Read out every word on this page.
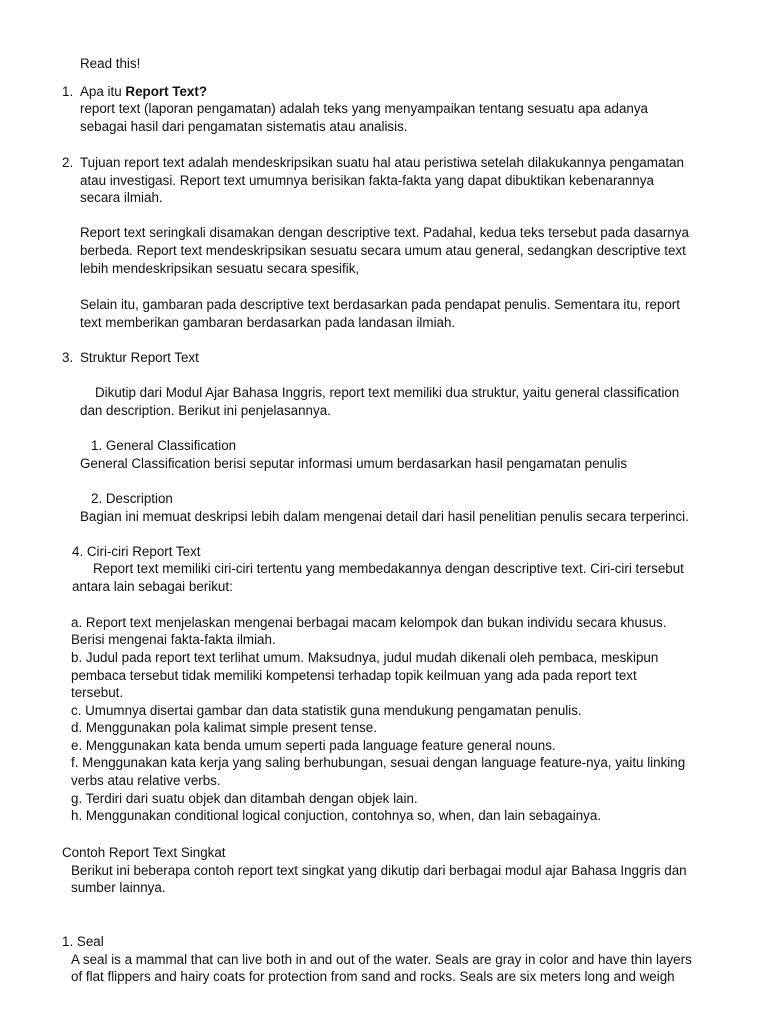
Read this!
1. Apa itu Report Text?
report text (laporan pengamatan) adalah teks yang menyampaikan tentang sesuatu apa adanya
sebagai hasil dari pengamatan sistematis atau analisis.
2. Tujuan report text adalah mendeskripsikan suatu hal atau peristiwa setelah dilakukannya pengamatan
atau investigasi. Report text umumnya berisikan fakta-fakta yang dapat dibuktikan kebenarannya
secara ilmiah.
Report text seringkali disamakan dengan descriptive text. Padahal, kedua teks tersebut pada dasarnya
berbeda. Report text mendeskripsikan sesuatu secara umum atau general, sedangkan descriptive text
lebih mendeskripsikan sesuatu secara spesifik,
Selain itu, gambaran pada descriptive text berdasarkan pada pendapat penulis. Sementara itu, report
text memberikan gambaran berdasarkan pada landasan ilmiah.
3. Struktur Report Text
Dikutip dari Modul Ajar Bahasa Inggris, report text memiliki dua struktur, yaitu general classification
dan description. Berikut ini penjelasannya.
1. General Classification
General Classification berisi seputar informasi umum berdasarkan hasil pengamatan penulis
2. Description
Bagian ini memuat deskripsi lebih dalam mengenai detail dari hasil penelitian penulis secara terperinci.
4. Ciri-ciri Report Text
Report text memiliki ciri-ciri tertentu yang membedakannya dengan descriptive text. Ciri-ciri tersebut
antara lain sebagai berikut:
a. Report text menjelaskan mengenai berbagai macam kelompok dan bukan individu secara khusus.
Berisi mengenai fakta-fakta ilmiah.
b. Judul pada report text terlihat umum. Maksudnya, judul mudah dikenali oleh pembaca, meskipun
pembaca tersebut tidak memiliki kompetensi terhadap topik keilmuan yang ada pada report text
tersebut.
c. Umumnya disertai gambar dan data statistik guna mendukung pengamatan penulis.
d. Menggunakan pola kalimat simple present tense.
e. Menggunakan kata benda umum seperti pada language feature general nouns.
f. Menggunakan kata kerja yang saling berhubungan, sesuai dengan language feature-nya, yaitu linking
verbs atau relative verbs.
g. Terdiri dari suatu objek dan ditambah dengan objek lain.
h. Menggunakan conditional logical conjuction, contohnya so, when, dan lain sebagainya.
Contoh Report Text Singkat
Berikut ini beberapa contoh report text singkat yang dikutip dari berbagai modul ajar Bahasa Inggris dan
sumber lainnya.
1. Seal
A seal is a mammal that can live both in and out of the water. Seals are gray in color and have thin layers
of flat flippers and hairy coats for protection from sand and rocks. Seals are six meters long and weigh
